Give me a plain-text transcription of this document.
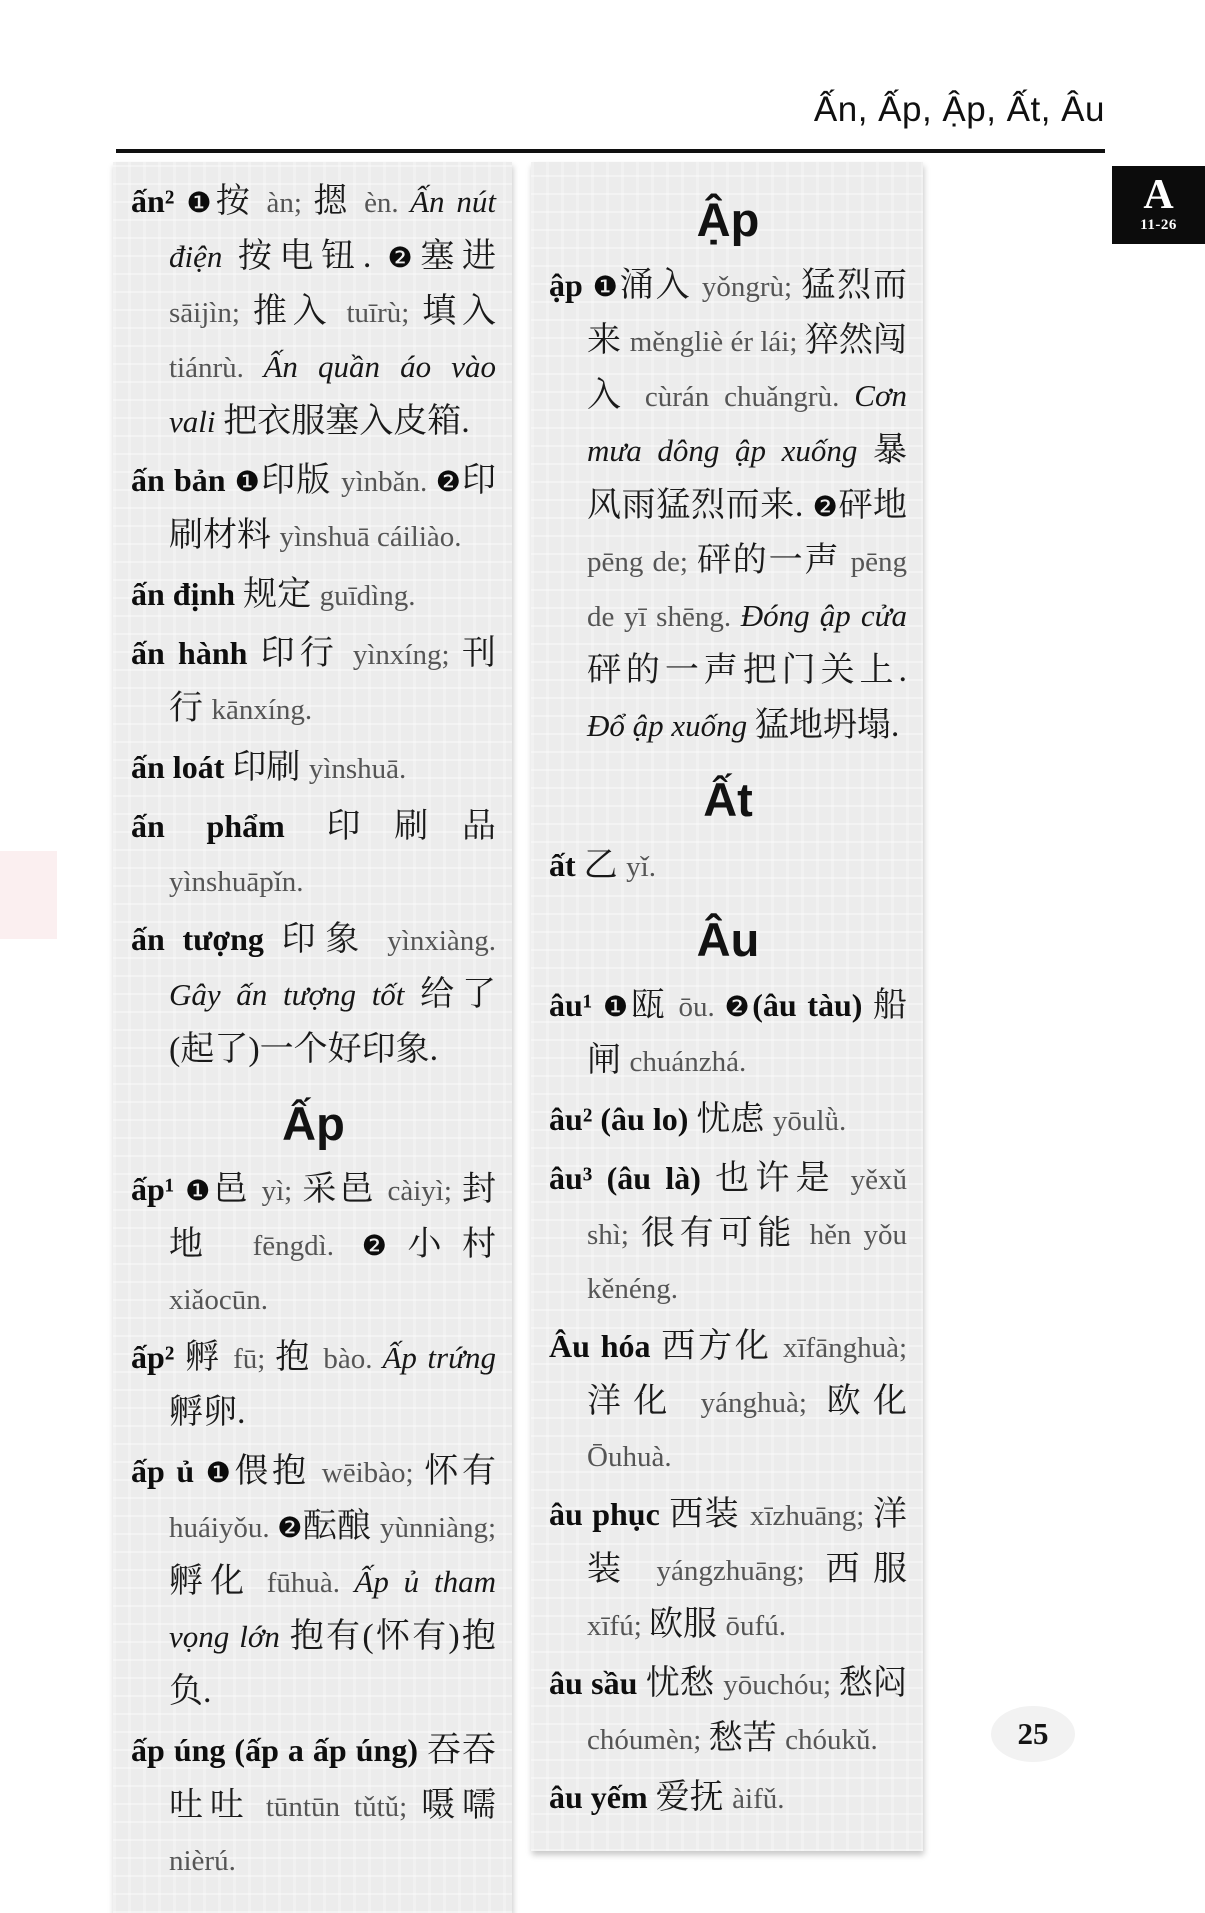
Ấn, Ấp, Ập, Ất, Âu
A
11-26

ấn² ❶按 àn; 摁 èn. Ấn nút điện 按电钮. ❷塞进 sāijìn; 推入 tuīrù; 填入 tiánrù. Ấn quần áo vào vali 把衣服塞入皮箱.

ấn bản ❶印版 yìnbǎn. ❷印刷材料 yìnshuā cáiliào.

ấn định 规定 guīdìng.

ấn hành 印行 yìnxíng; 刊行 kānxíng.

ấn loát 印刷 yìnshuā.

ấn phẩm 印刷品 yìnshuāpǐn.

ấn tượng 印象 yìnxiàng. Gây ấn tượng tốt 给了(起了)一个好印象.

Ấp

ấp¹ ❶邑 yì; 采邑 càiyì; 封地 fēngdì. ❷小村 xiǎocūn.

ấp² 孵 fū; 抱 bào. Ấp trứng 孵卵.

ấp ủ ❶偎抱 wēibào; 怀有 huáiyǒu. ❷酝酿 yùnniàng; 孵化 fūhuà. Ấp ủ tham vọng lớn 抱有(怀有)抱负.

ấp úng (ấp a ấp úng) 吞吞吐吐 tūntūn tǔtǔ; 嗫嚅 nièrú.

Ập

ập ❶涌入 yǒngrù; 猛烈而来 měngliè ér lái; 猝然闯入 cùrán chuǎngrù. Cơn mưa dông ập xuống 暴风雨猛烈而来. ❷砰地 pēng de; 砰的一声 pēng de yī shēng. Đóng ập cửa 砰的一声把门关上. Đổ ập xuống 猛地坍塌.

Ất

ất 乙 yǐ.

Âu

âu¹ ❶瓯 ōu. ❷(âu tàu) 船闸 chuánzhá.

âu² (âu lo) 忧虑 yōulǜ.

âu³ (âu là) 也许是 yěxǔ shì; 很有可能 hěn yǒu kěnéng.

Âu hóa 西方化 xīfānghuà; 洋化 yánghuà; 欧化 Ōuhuà.

âu phục 西装 xīzhuāng; 洋装 yángzhuāng; 西服 xīfú; 欧服 ōufú.

âu sầu 忧愁 yōuchóu; 愁闷 chóumèn; 愁苦 chóukǔ.

âu yếm 爱抚 àifǔ.

25
